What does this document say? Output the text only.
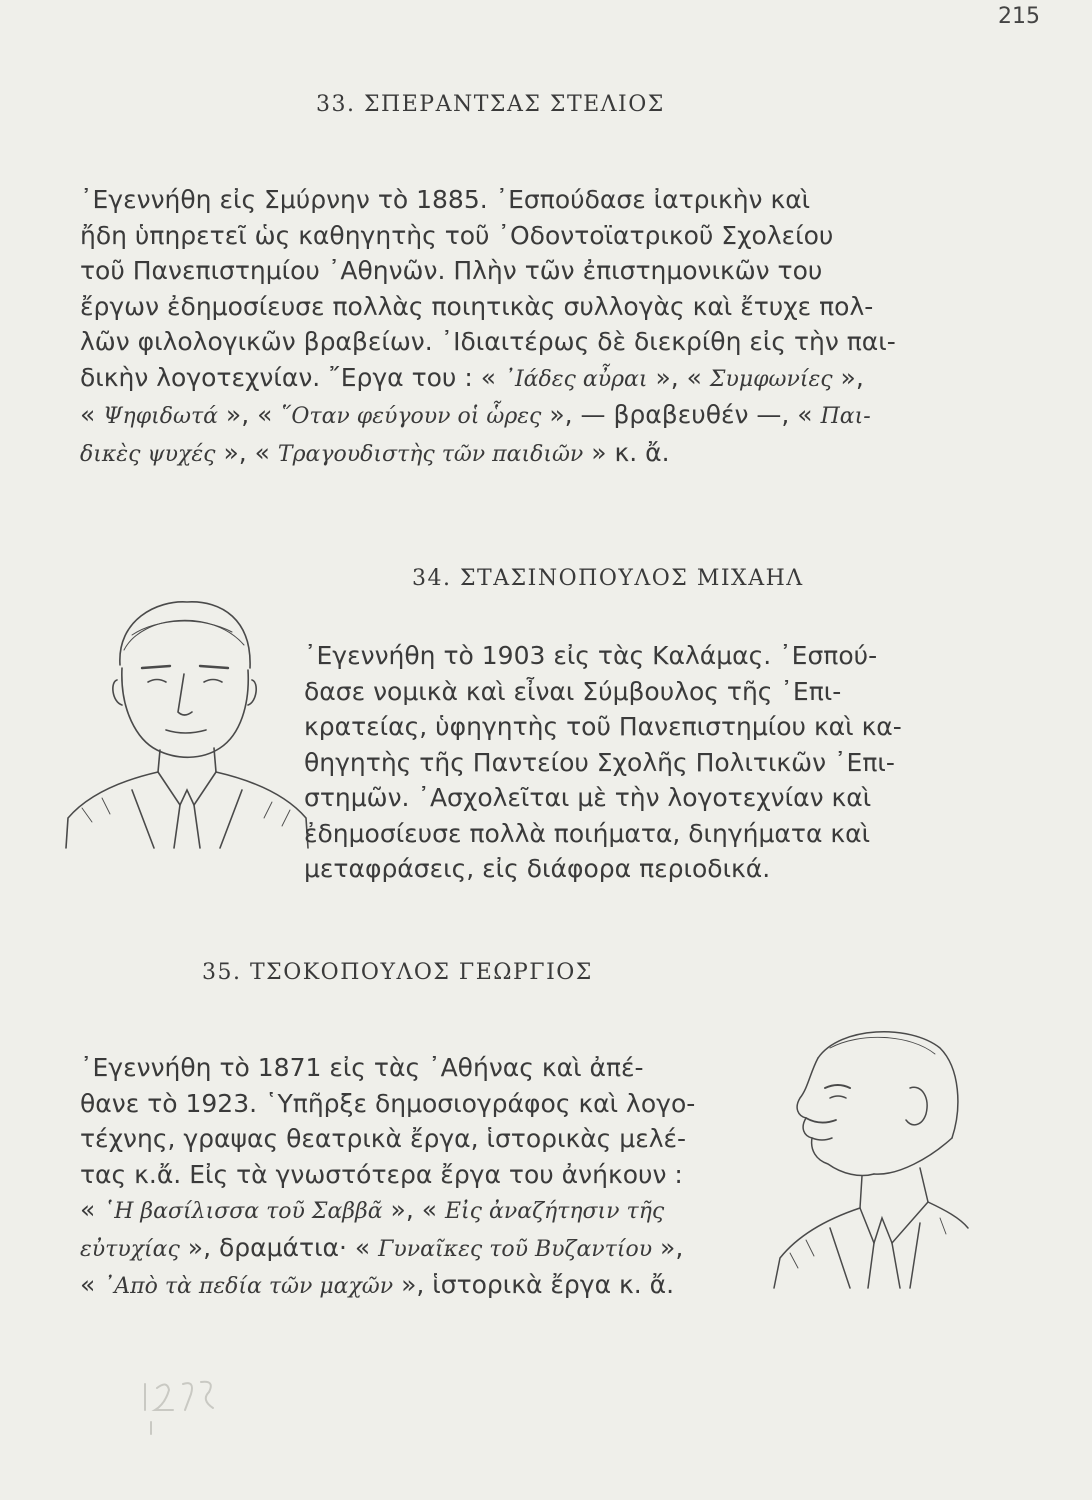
215
33. ΣΠΕΡΑΝΤΣΑΣ ΣΤΕΛΙΟΣ

᾽Εγεννήθη εἰς Σμύρνην τὸ 1885. ᾽Εσπούδασε ἰατρικὴν καὶ
ἤδη ὑπηρετεῖ ὡς καθηγητὴς τοῦ ᾽Οδοντοϊατρικοῦ Σχολείου
τοῦ Πανεπιστημίου ᾽Αθηνῶν. Πλὴν τῶν ἐπιστημονικῶν του
ἔργων ἐδημοσίευσε πολλὰς ποιητικὰς συλλογὰς καὶ ἔτυχε πολ-
λῶν φιλολογικῶν βραβείων. ᾽Ιδιαιτέρως δὲ διεκρίθη εἰς τὴν παι-
δικὴν λογοτεχνίαν. ῎Εργα του : « ᾽Ιάδες αὖραι », « Συμφωνίες »,
« Ψηφιδωτά », « ῞Οταν φεύγουν οἱ ὧρες », — βραβευθέν —, « Παι-
δικὲς ψυχές », « Τραγουδιστὴς τῶν παιδιῶν » κ. ἄ.

34. ΣΤΑΣΙΝΟΠΟΥΛΟΣ ΜΙΧΑΗΛ

᾽Εγεννήθη τὸ 1903 εἰς τὰς Καλάμας. ᾽Εσπού-
δασε νομικὰ καὶ εἶναι Σύμβουλος τῆς ᾽Επι-
κρατείας, ὑφηγητὴς τοῦ Πανεπιστημίου καὶ κα-
θηγητὴς τῆς Παντείου Σχολῆς Πολιτικῶν ᾽Επι-
στημῶν. ᾽Ασχολεῖται μὲ τὴν λογοτεχνίαν καὶ
ἐδημοσίευσε πολλὰ ποιήματα, διηγήματα καὶ
μεταφράσεις, εἰς διάφορα περιοδικά.

35. ΤΣΟΚΟΠΟΥΛΟΣ ΓΕΩΡΓΙΟΣ

᾽Εγεννήθη τὸ 1871 εἰς τὰς ᾽Αθήνας καὶ ἀπέ-
θανε τὸ 1923. ῾Υπῆρξε δημοσιογράφος καὶ λογο-
τέχνης, γραψας θεατρικὰ ἔργα, ἱστορικὰς μελέ-
τας κ.ἄ. Εἰς τὰ γνωστότερα ἔργα του ἀνήκουν :
« ῾Η βασίλισσα τοῦ Σαββᾶ », « Εἰς ἀναζήτησιν τῆς
εὐτυχίας », δραμάτια· « Γυναῖκες τοῦ Βυζαντίου »,
« ᾽Απὸ τὰ πεδία τῶν μαχῶν », ἱστορικὰ ἔργα κ. ἄ.
